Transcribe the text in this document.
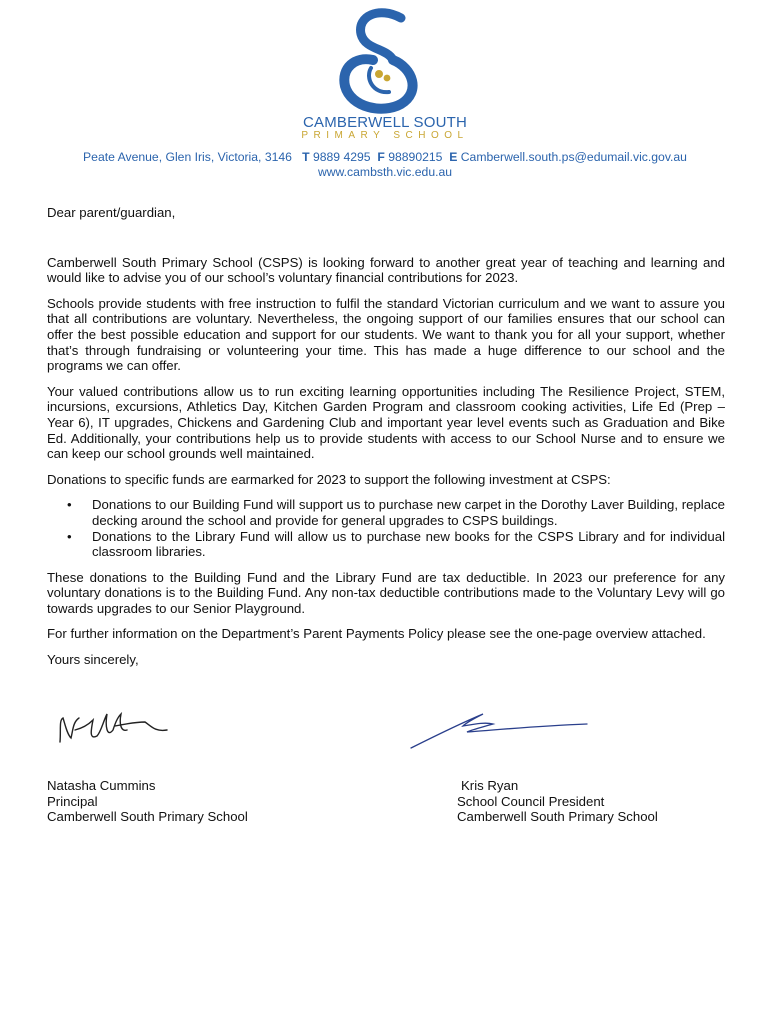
CAMBERWELL SOUTH
PRIMARY SCHOOL
Peate Avenue, Glen Iris, Victoria, 3146 T 9889 4295 F 98890215 E Camberwell.south.ps@edumail.vic.gov.au
www.cambsth.vic.edu.au

Dear parent/guardian,

Camberwell South Primary School (CSPS) is looking forward to another great year of teaching and learning and would like to advise you of our school’s voluntary financial contributions for 2023.

Schools provide students with free instruction to fulfil the standard Victorian curriculum and we want to assure you that all contributions are voluntary. Nevertheless, the ongoing support of our families ensures that our school can offer the best possible education and support for our students. We want to thank you for all your support, whether that’s through fundraising or volunteering your time. This has made a huge difference to our school and the programs we can offer.

Your valued contributions allow us to run exciting learning opportunities including The Resilience Project, STEM, incursions, excursions, Athletics Day, Kitchen Garden Program and classroom cooking activities, Life Ed (Prep – Year 6), IT upgrades, Chickens and Gardening Club and important year level events such as Graduation and Bike Ed. Additionally, your contributions help us to provide students with access to our School Nurse and to ensure we can keep our school grounds well maintained.

Donations to specific funds are earmarked for 2023 to support the following investment at CSPS:

• Donations to our Building Fund will support us to purchase new carpet in the Dorothy Laver Building, replace decking around the school and provide for general upgrades to CSPS buildings.
• Donations to the Library Fund will allow us to purchase new books for the CSPS Library and for individual classroom libraries.

These donations to the Building Fund and the Library Fund are tax deductible. In 2023 our preference for any voluntary donations is to the Building Fund. Any non-tax deductible contributions made to the Voluntary Levy will go towards upgrades to our Senior Playground.

For further information on the Department’s Parent Payments Policy please see the one-page overview attached.

Yours sincerely,

Natasha Cummins
Principal
Camberwell South Primary School
Kris Ryan
School Council President
Camberwell South Primary School
